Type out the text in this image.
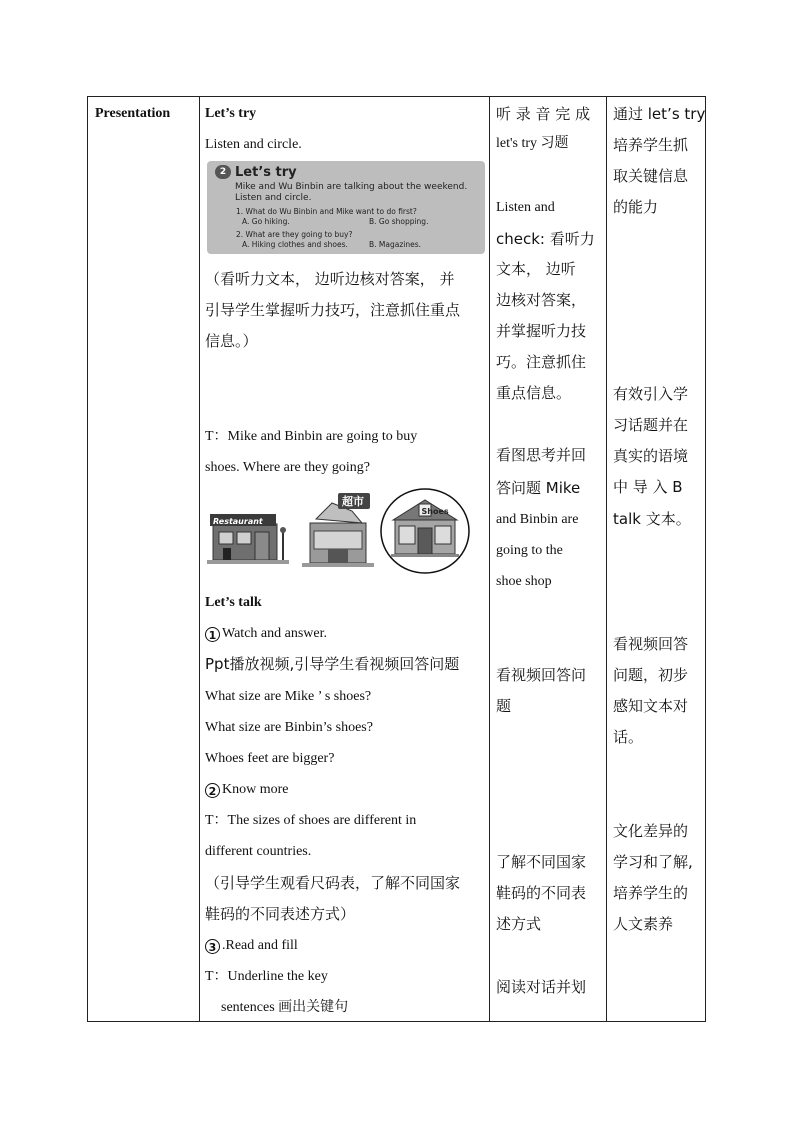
Presentation Let’s try
Listen and circle.
（看听力文本， 边听边核对答案， 并
引导学生掌握听力技巧，注意抓住重点
信息。）
T：Mike and Binbin are going to buy
shoes. Where are they going?
Restaurant
超市
Shoes
Let’s talk
1 Watch and answer.
Ppt播放视频,引导学生看视频回答问题
What size are Mike ’ s shoes?
What size are Binbin’s shoes?
Whoes feet are bigger?
2 Know more
T：The sizes of shoes are different in
different countries.
（引导学生观看尺码表，了解不同国家
鞋码的不同表述方式）
3 .Read and fill
T：Underline the key
sentences 画出关键句
听 录 音 完 成
let's try 习题
Listen and
check: 看听力
文本， 边听
边核对答案，
并掌握听力技
巧。注意抓住
重点信息。
看图思考并回
答问题 Mike
and Binbin are
going to the
shoe shop
看视频回答问
题
了解不同国家
鞋码的不同表
述方式
阅读对话并划
通过 let’s try
培养学生抓
取关键信息
的能力
有效引入学
习话题并在
真实的语境
中 导 入 B
talk 文本。
看视频回答
问题，初步
感知文本对
话。
文化差异的
学习和了解,
培养学生的
人文素养
2 Let’s try
Mike and Wu Binbin are talking about the weekend.
Listen and circle.
1. What do Wu Binbin and Mike want to do first?
A. Go hiking.	B. Go shopping.
2. What are they going to buy?
A. Hiking clothes and shoes.	B. Magazines.
